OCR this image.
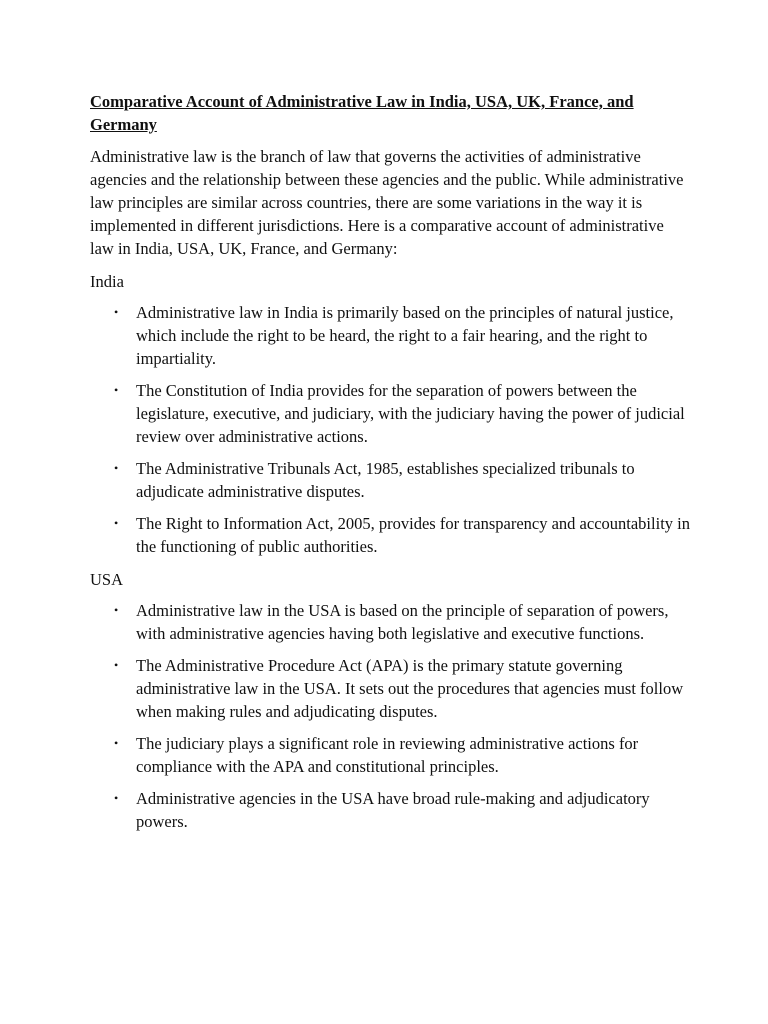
Comparative Account of Administrative Law in India, USA, UK, France, and Germany

Administrative law is the branch of law that governs the activities of administrative agencies and the relationship between these agencies and the public. While administrative law principles are similar across countries, there are some variations in the way it is implemented in different jurisdictions. Here is a comparative account of administrative law in India, USA, UK, France, and Germany:

India
• Administrative law in India is primarily based on the principles of natural justice, which include the right to be heard, the right to a fair hearing, and the right to impartiality.
• The Constitution of India provides for the separation of powers between the legislature, executive, and judiciary, with the judiciary having the power of judicial review over administrative actions.
• The Administrative Tribunals Act, 1985, establishes specialized tribunals to adjudicate administrative disputes.
• The Right to Information Act, 2005, provides for transparency and accountability in the functioning of public authorities.
USA
• Administrative law in the USA is based on the principle of separation of powers, with administrative agencies having both legislative and executive functions.
• The Administrative Procedure Act (APA) is the primary statute governing administrative law in the USA. It sets out the procedures that agencies must follow when making rules and adjudicating disputes.
• The judiciary plays a significant role in reviewing administrative actions for compliance with the APA and constitutional principles.
• Administrative agencies in the USA have broad rule-making and adjudicatory powers.
